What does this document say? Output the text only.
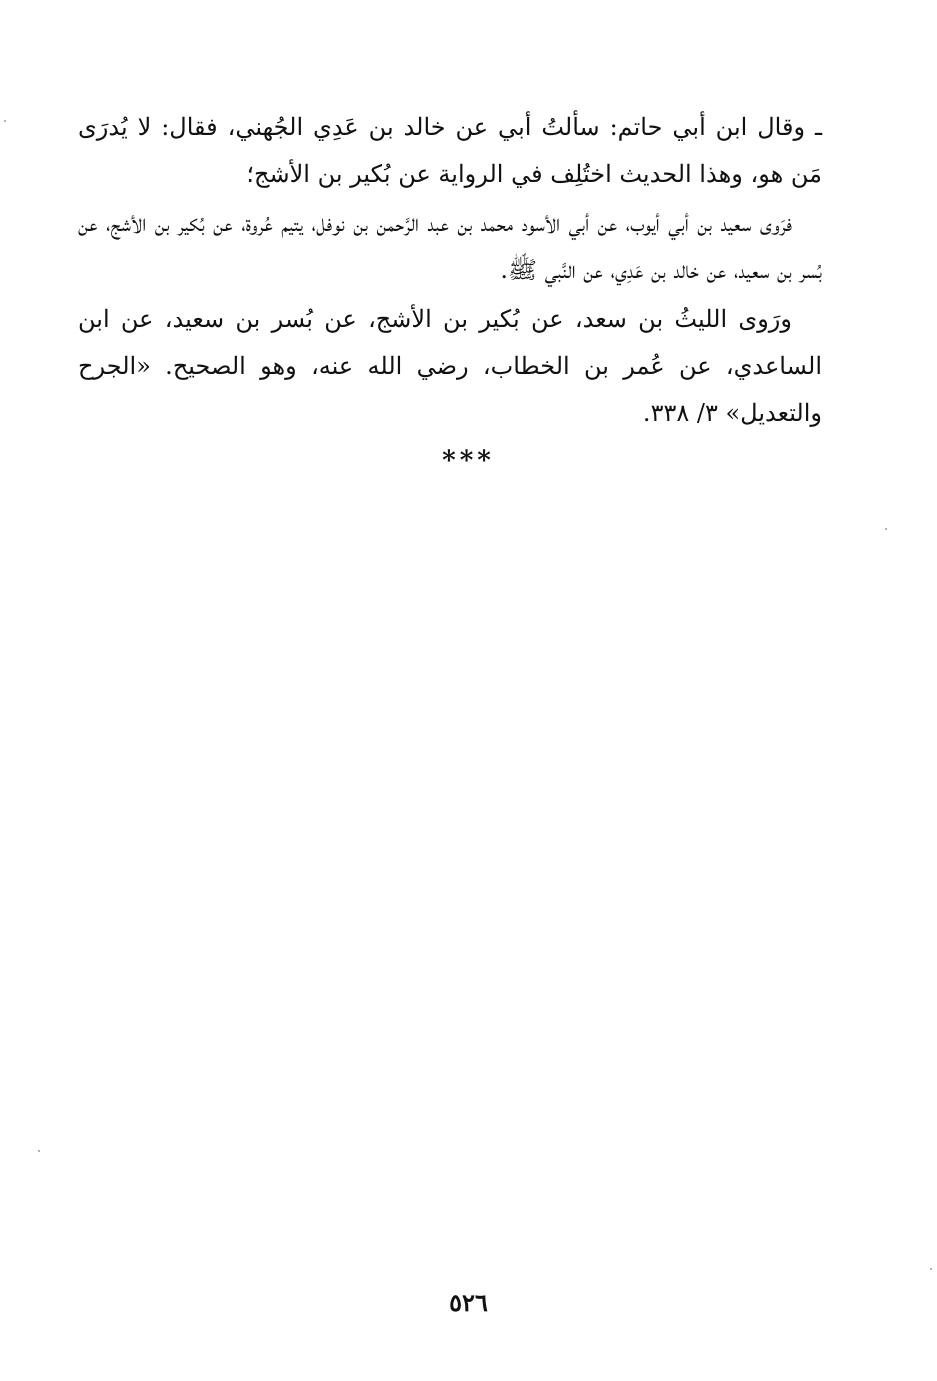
ـ وقال ابن أبي حاتم: سألتُ أبي عن خالد بن عَدِي الجُهني، فقال: لا يُدرَى مَن هو، وهذا الحديث اختُلِف في الرواية عن بُكير بن الأشج؛

فرَوى سعيد بن أبي أيوب، عن أبي الأسود محمد بن عبد الرَّحمن بن نوفل، يتيم عُروة، عن بُكير بن الأشج، عن بُسر بن سعيد، عن خالد بن عَدِي، عن النَّبي ﷺ.

ورَوى الليثُ بن سعد، عن بُكير بن الأشج، عن بُسر بن سعيد، عن ابن الساعدي، عن عُمر بن الخطاب، رضي الله عنه، وهو الصحيح. «الجرح والتعديل» ٣/ ٣٣٨.

***
٥٢٦
